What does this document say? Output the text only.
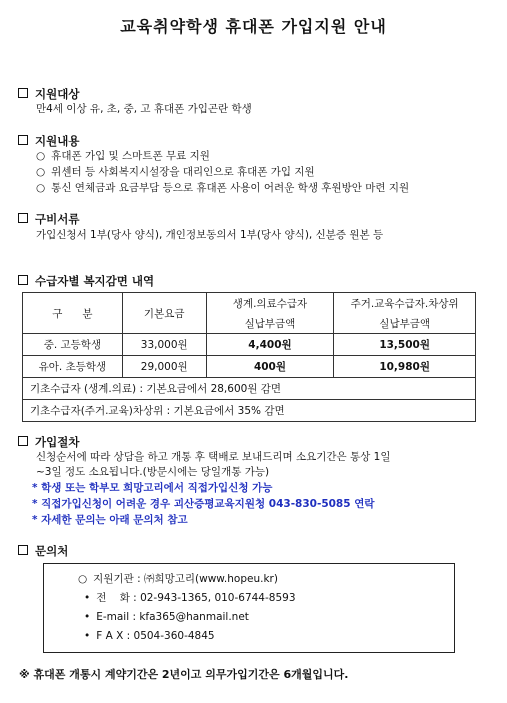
교육취약학생 휴대폰 가입지원 안내
지원대상
만4세 이상 유, 초, 중, 고 휴대폰 가입곤란 학생
지원내용
○ 휴대폰 가입 및 스마트폰 무료 지원
○ 위센터 등 사회복지시설장을 대리인으로 휴대폰 가입 지원
○ 통신 연체금과 요금부담 등으로 휴대폰 사용이 어려운 학생 후원방안 마련 지원
구비서류
가입신청서 1부(당사 양식), 개인정보동의서 1부(당사 양식), 신분증 원본 등
수급자별 복지감면 내역
구      분	기본요금	생계.의료수급자	주거.교육수급자.차상위
		실납부금액	실납부금액
중. 고등학생	33,000원	4,400원	13,500원
유아. 초등학생	29,000원	400원	10,980원
기초수급자 (생계.의료) : 기본요금에서 28,600원 감면			
기초수급자(주거.교육)차상위 : 기본요금에서 35% 감면			
가입절차
신청순서에 따라 상담을 하고 개통 후 택배로 보내드리며 소요기간은 통상 1일
~3일 정도 소요됩니다.(방문시에는 당일개통 가능)
* 학생 또는 학부모 희망고리에서 직접가입신청 가능
* 직접가입신청이 어려운 경우 괴산증평교육지원청 043-830-5085 연락
* 자세한 문의는 아래 문의처 참고
문의처
○ 지원기관 : ㈜희망고리(www.hopeu.kr)
• 전    화 : 02-943-1365, 010-6744-8593
• E-mail : kfa365@hanmail.net
• F A X : 0504-360-4845
※ 휴대폰 개통시 계약기간은 2년이고 의무가입기간은 6개월입니다.
